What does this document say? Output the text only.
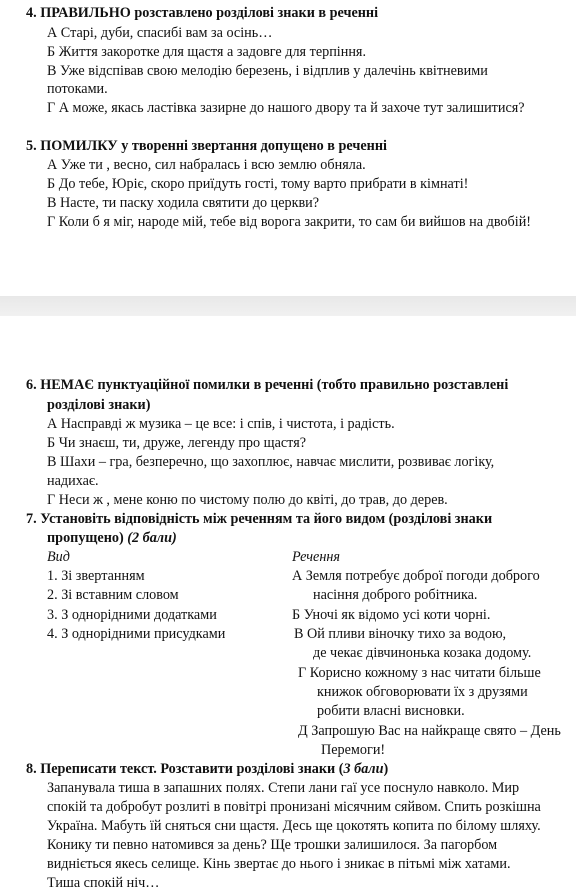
4. ПРАВИЛЬНО розставлено розділові знаки в реченні
А Старі, дуби, спасибі вам за осінь…
Б Життя закоротке для щастя а задовге для терпіння.
В Уже відспівав свою мелодію березень, і відплив у далечінь квітневими
потоками.
Г А може, якась ластівка зазирне до нашого двору та й захоче тут залишитися?
5. ПОМИЛКУ у творенні звертання допущено в реченні
А Уже ти , весно, сил набралась і всю землю обняла.
Б До тебе, Юріє, скоро приїдуть гості, тому варто прибрати в кімнаті!
В Насте, ти паску ходила святити до церкви?
Г Коли б я міг, народе мій, тебе від ворога закрити, то сам би вийшов на двобій!
6. НЕМАЄ пунктуаційної помилки в реченні (тобто правильно розставлені
розділові знаки)
А Насправді ж музика – це все: і спів, і чистота, і радість.
Б Чи знаєш, ти, друже, легенду про щастя?
В Шахи – гра, безперечно, що захоплює, навчає мислити, розвиває логіку,
надихає.
Г Неси ж , мене коню по чистому полю до квіті, до трав, до дерев.
7. Установіть відповідність між реченням та його видом (розділові знаки
пропущено) (2 бали)
Вид	Речення
1. Зі звертанням
2. Зі вставним словом
3. З однорідними додатками
4. З однорідними присудками
А Земля потребує доброї погоди доброго
насіння доброго робітника.
Б Уночі як відомо усі коти чорні.
В Ой пливи віночку тихо за водою,
де чекає дівчинонька козака додому.
Г Корисно кожному з нас читати більше
книжок обговорювати їх з друзями
робити власні висновки.
Д Запрошую Вас на найкраще свято – День
Перемоги!
8. Переписати текст. Розставити розділові знаки (3 бали)
Запанувала тиша в запашних полях. Степи лани гаї усе поснуло навколо. Мир
спокій та добробут розлиті в повітрі пронизані місячним сяйвом. Спить розкішна
Україна. Мабуть їй сняться сни щастя. Десь ще цокотять копита по білому шляху.
Конику ти певно натомився за день? Ще трошки залишилося. За пагорбом
видніється якесь селище. Кінь звертає до нього і зникає в пітьмі між хатами.
Тиша спокій ніч…
